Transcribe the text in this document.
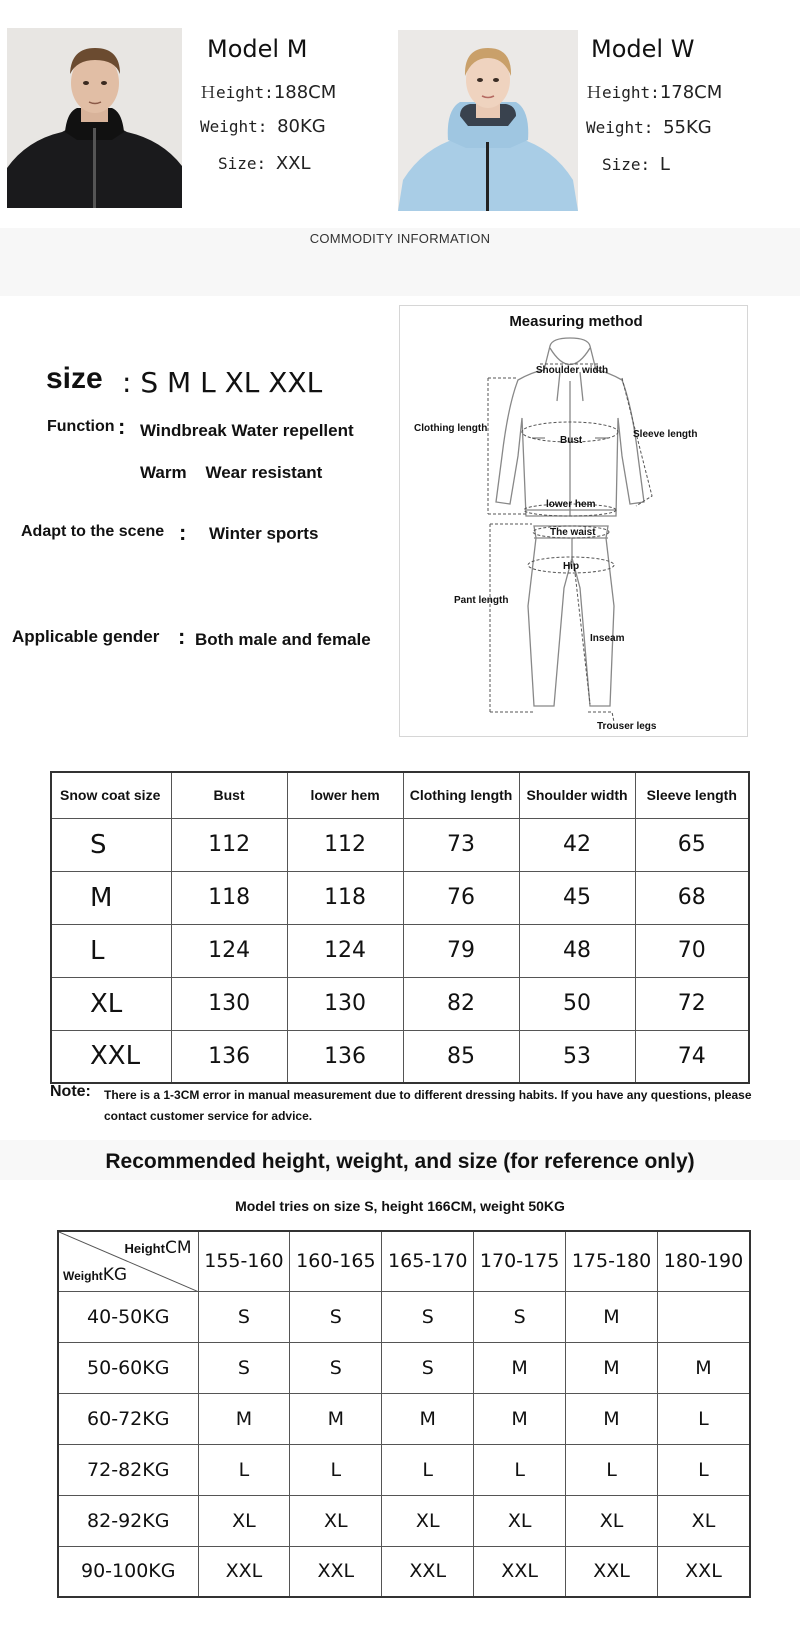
Model M
Ｈeight:188CM
Weight: 80KG
Size: XXL
Model W
Ｈeight:178CM
Weight: 55KG
Size: L
COMMODITY INFORMATION
size : S M L XL XXL
Function : Windbreak Water repellent
Warm    Wear resistant
Adapt to the scene : Winter sports
Applicable gender : Both male and female
Measuring method
Shoulder width
Clothing length
Sleeve length
Bust
lower hem
The waist
Hip
Pant length
Inseam
Trouser legs
Snow coat size	Bust	lower hem	Clothing length	Shoulder width	Sleeve length
S	112	112	73	42	65
M	118	118	76	45	68
L	124	124	79	48	70
XL	130	130	82	50	72
XXL	136	136	85	53	74
Note: There is a 1-3CM error in manual measurement due to different dressing habits. If you have any questions, please contact customer service for advice.
Recommended height, weight, and size (for reference only)
Model tries on size S, height 166CM, weight 50KG
HeightCM
WeightKG	155-160	160-165	165-170	170-175	175-180	180-190
40-50KG	S	S	S	S	M	
50-60KG	S	S	S	M	M	M
60-72KG	M	M	M	M	M	L
72-82KG	L	L	L	L	L	L
82-92KG	XL	XL	XL	XL	XL	XL
90-100KG	XXL	XXL	XXL	XXL	XXL	XXL
